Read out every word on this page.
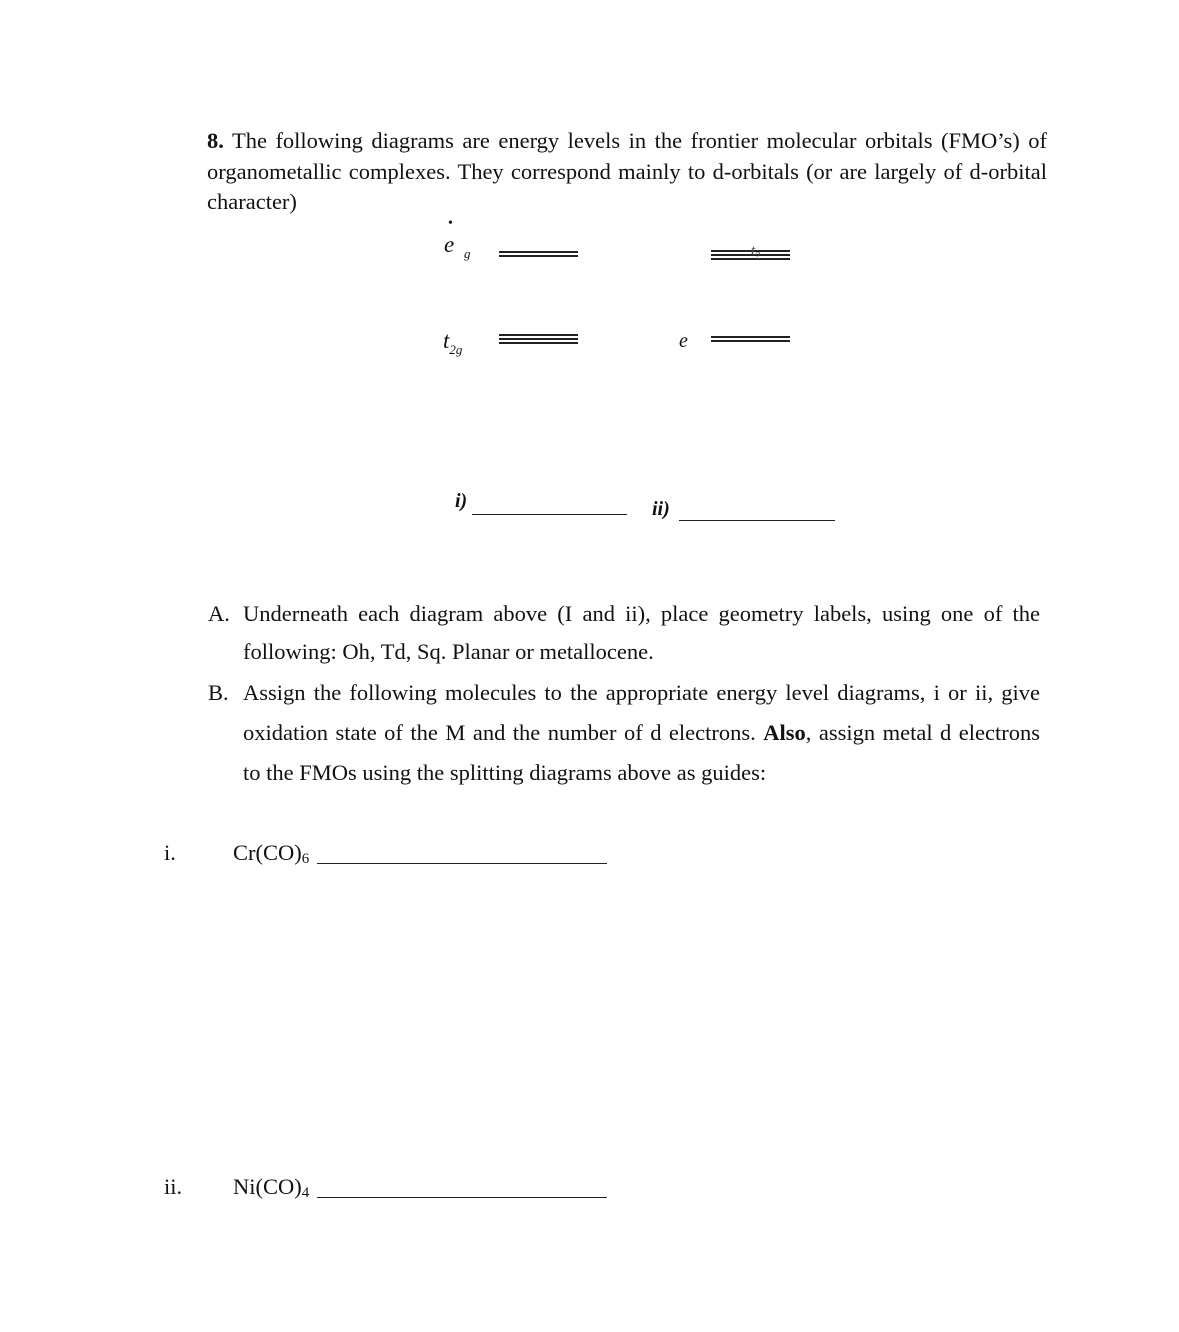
8. The following diagrams are energy levels in the frontier molecular orbitals (FMO’s) of organometallic complexes. They correspond mainly to d-orbitals (or are largely of d-orbital character)
e
•
$_g$
$t_{2g}$
i)
$t_2$
e
ii)
A. Underneath each diagram above (I and ii), place geometry labels, using one of the
following: Oh, Td, Sq. Planar or metallocene.
B. Assign the following molecules to the appropriate energy level diagrams, i or ii, give
oxidation state of the M and the number of d electrons. Also, assign metal d electrons
to the FMOs using the splitting diagrams above as guides:
i.	$Cr(CO)_6$
ii. $Ni(CO)_4$
